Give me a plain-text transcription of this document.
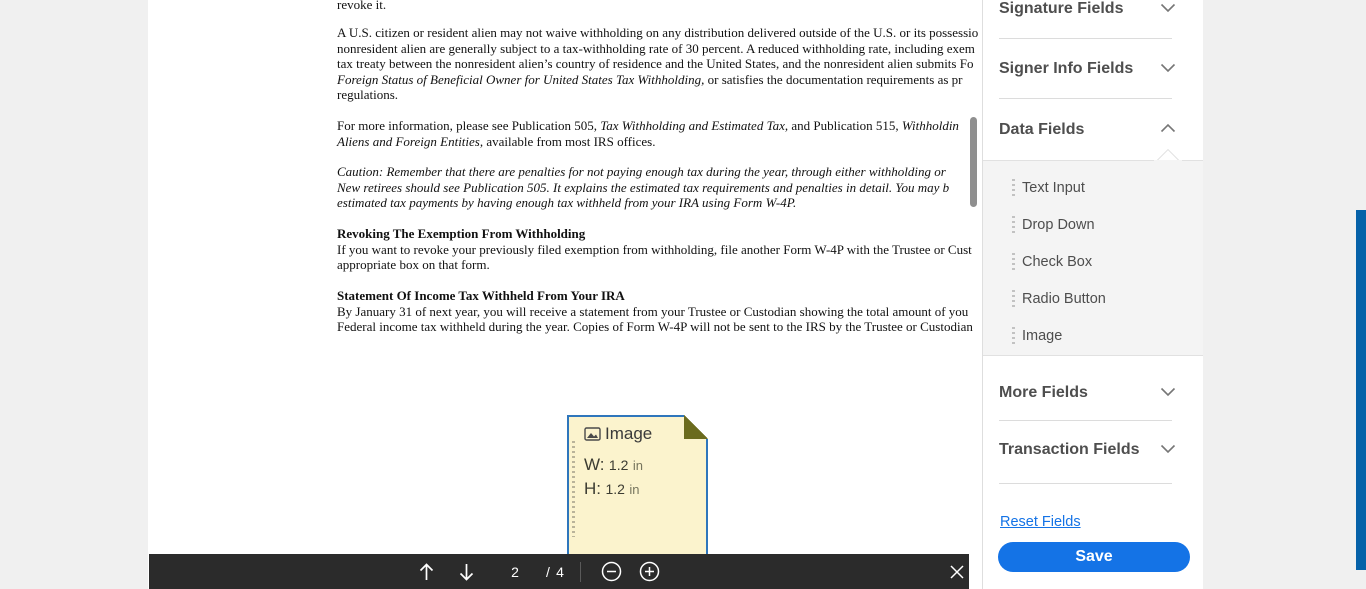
revoke it.
A U.S. citizen or resident alien may not waive withholding on any distribution delivered outside of the U.S. or its possessio
nonresident alien are generally subject to a tax-withholding rate of 30 percent. A reduced withholding rate, including exem
tax treaty between the nonresident alien’s country of residence and the United States, and the nonresident alien submits Fo
Foreign Status of Beneficial Owner for United States Tax Withholding, or satisfies the documentation requirements as pr
regulations.
For more information, please see Publication 505, Tax Withholding and Estimated Tax, and Publication 515, Withholdin
Aliens and Foreign Entities, available from most IRS offices.
Caution: Remember that there are penalties for not paying enough tax during the year, through either withholding or
New retirees should see Publication 505. It explains the estimated tax requirements and penalties in detail. You may b
estimated tax payments by having enough tax withheld from your IRA using Form W-4P.
Revoking The Exemption From Withholding
If you want to revoke your previously filed exemption from withholding, file another Form W-4P with the Trustee or Cust
appropriate box on that form.
Statement Of Income Tax Withheld From Your IRA
By January 31 of next year, you will receive a statement from your Trustee or Custodian showing the total amount of you
Federal income tax withheld during the year. Copies of Form W-4P will not be sent to the IRS by the Trustee or Custodian
Image
W: 1.2 in
H: 1.2 in
2	/ 4
Signature Fields
Signer Info Fields
Data Fields
Text Input
Drop Down
Check Box
Radio Button
Image
More Fields
Transaction Fields
Reset Fields
Save
